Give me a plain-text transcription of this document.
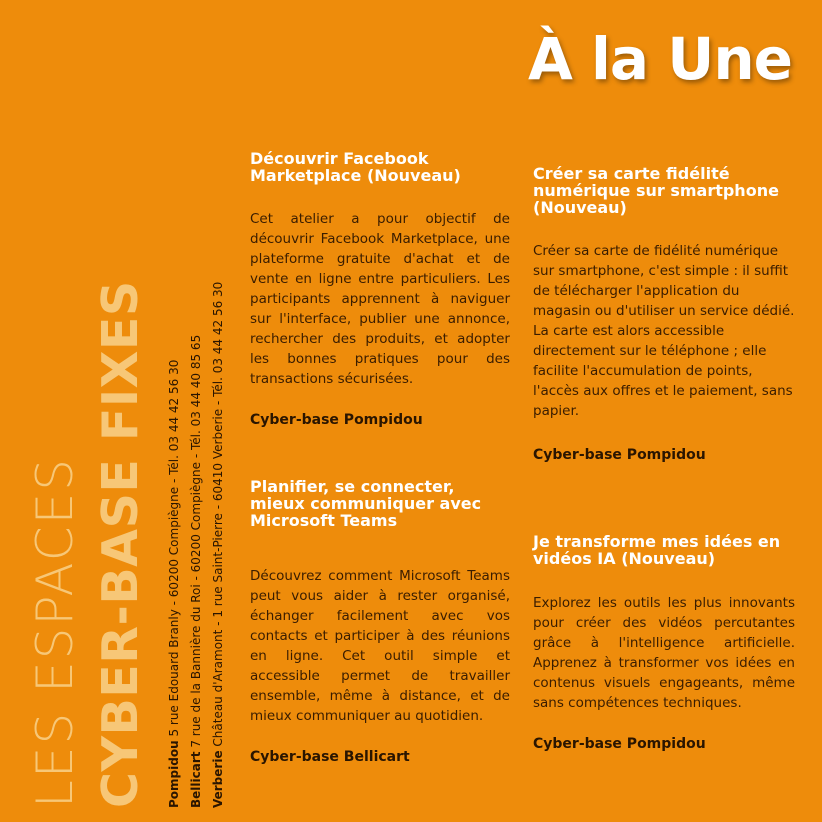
À la Une
LES ESPACES CYBER-BASE FIXES Pompidou 5 rue Edouard Branly - 60200 Compiègne - Tél. 03 44 42 56 30
Bellicart 7 rue de la Bannière du Roi - 60200 Compiègne - Tél. 03 44 40 85 65
Verberie Château d'Aramont - 1 rue Saint-Pierre - 60410 Verberie - Tél. 03 44 42 56 30

Découvrir Facebook Marketplace (Nouveau)

Cet atelier a pour objectif de découvrir Facebook Marketplace, une plateforme gratuite d'achat et de vente en ligne entre particuliers. Les participants apprennent à naviguer sur l'interface, publier une annonce, rechercher des produits, et adopter les bonnes pratiques pour des transactions sécurisées.

Cyber-base Pompidou

Planifier, se connecter, mieux communiquer avec Microsoft Teams

Découvrez comment Microsoft Teams peut vous aider à rester organisé, échanger facilement avec vos contacts et participer à des réunions en ligne. Cet outil simple et accessible permet de travailler ensemble, même à distance, et de mieux communiquer au quotidien.

Cyber-base Bellicart

Créer sa carte fidélité numérique sur smartphone (Nouveau)

Créer sa carte de fidélité numérique sur smartphone, c'est simple : il suffit de télécharger l'application du magasin ou d'utiliser un service dédié. La carte est alors accessible directement sur le téléphone ; elle facilite l'accumulation de points, l'accès aux offres et le paiement, sans papier.

Cyber-base Pompidou

Je transforme mes idées en vidéos IA (Nouveau)

Explorez les outils les plus innovants pour créer des vidéos percutantes grâce à l'intelligence artificielle. Apprenez à transformer vos idées en contenus visuels engageants, même sans compétences techniques.

Cyber-base Pompidou
